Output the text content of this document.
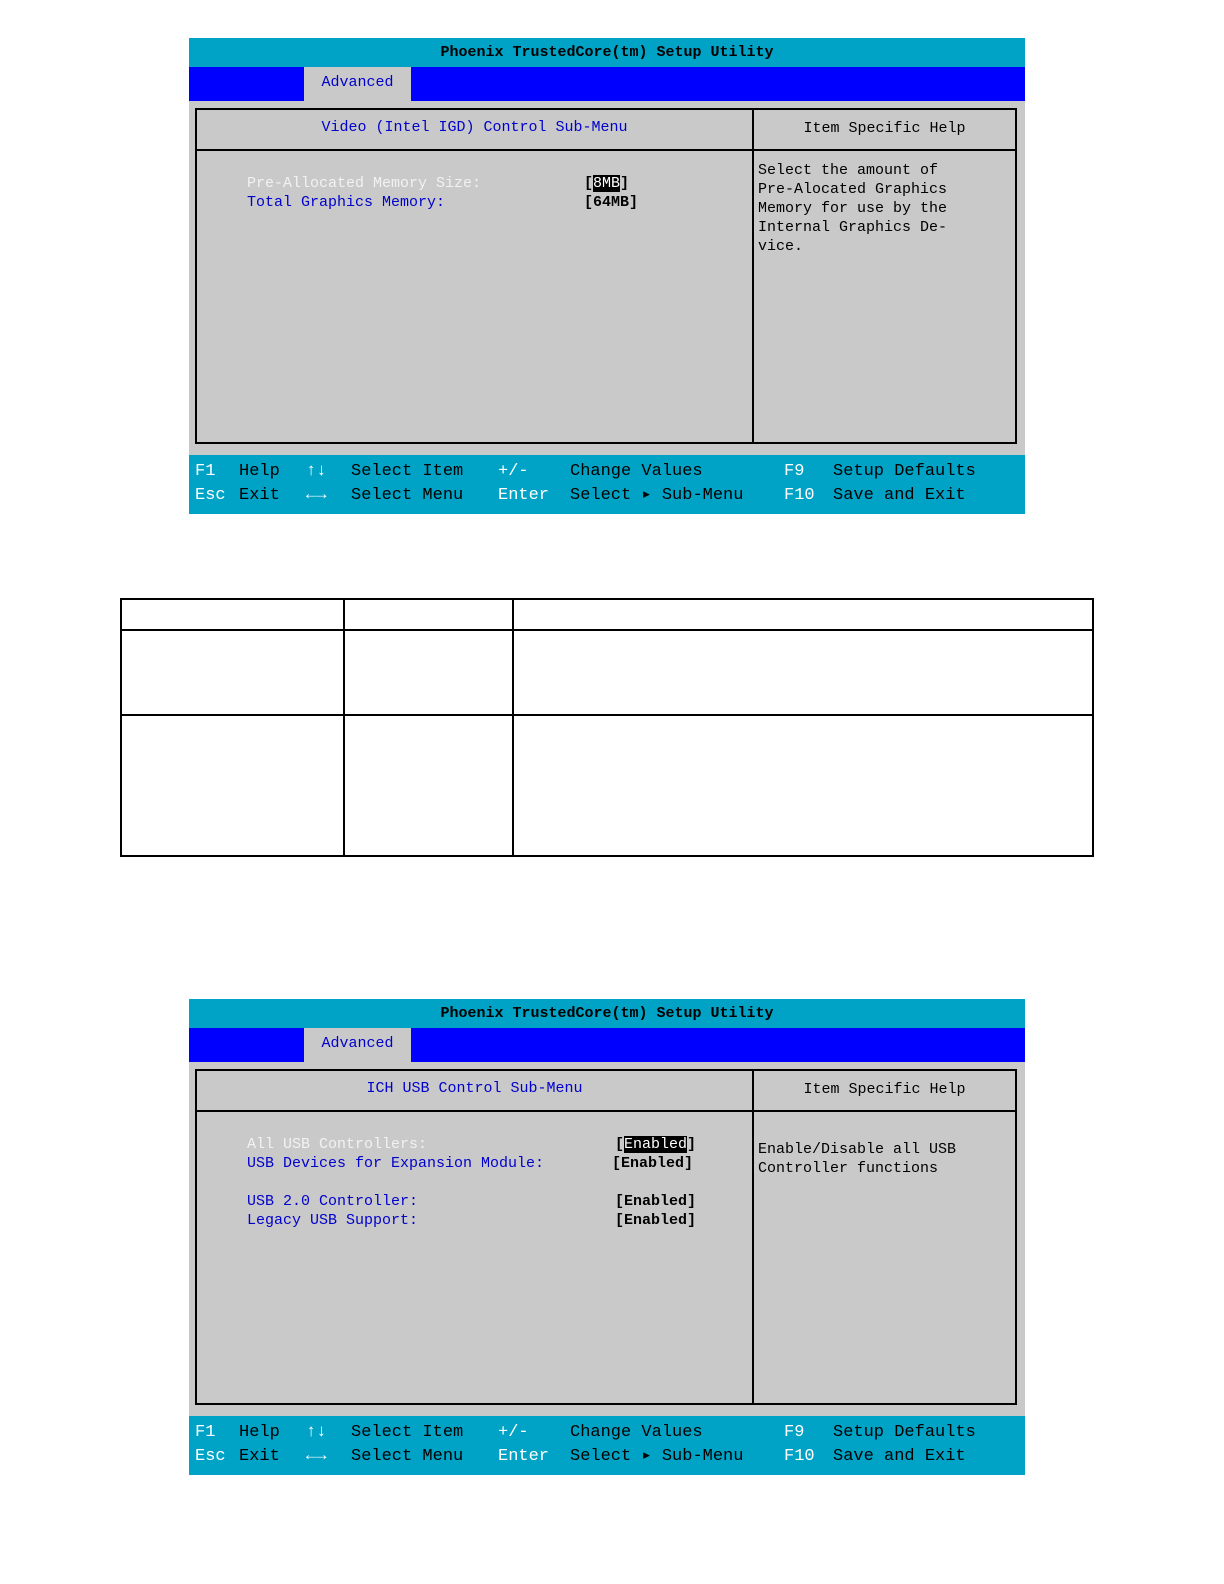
Phoenix TrustedCore(tm) Setup Utility
Advanced
Video (Intel IGD) Control Sub-Menu	Item Specific Help
Select the amount of
Pre-Alocated Graphics
Memory for use by the
Internal Graphics De-
vice.
Pre-Allocated Memory Size:	[8MB]
Total Graphics Memory:	[64MB]
F1 Help ↑↓ Select Item +/- Change Values	F9 Setup Defaults
Esc Exit ←→ Select Menu Enter Select ▸ Sub-Menu F10 Save and Exit

Phoenix TrustedCore(tm) Setup Utility
Advanced
ICH USB Control Sub-Menu	Item Specific Help
Enable/Disable all USB
Controller functions
All USB Controllers:	[Enabled]
USB Devices for Expansion Module:	[Enabled]
USB 2.0 Controller:	[Enabled]
Legacy USB Support:	[Enabled]
F1 Help ↑↓ Select Item +/- Change Values	F9 Setup Defaults
Esc Exit ←→ Select Menu Enter Select ▸ Sub-Menu F10 Save and Exit
